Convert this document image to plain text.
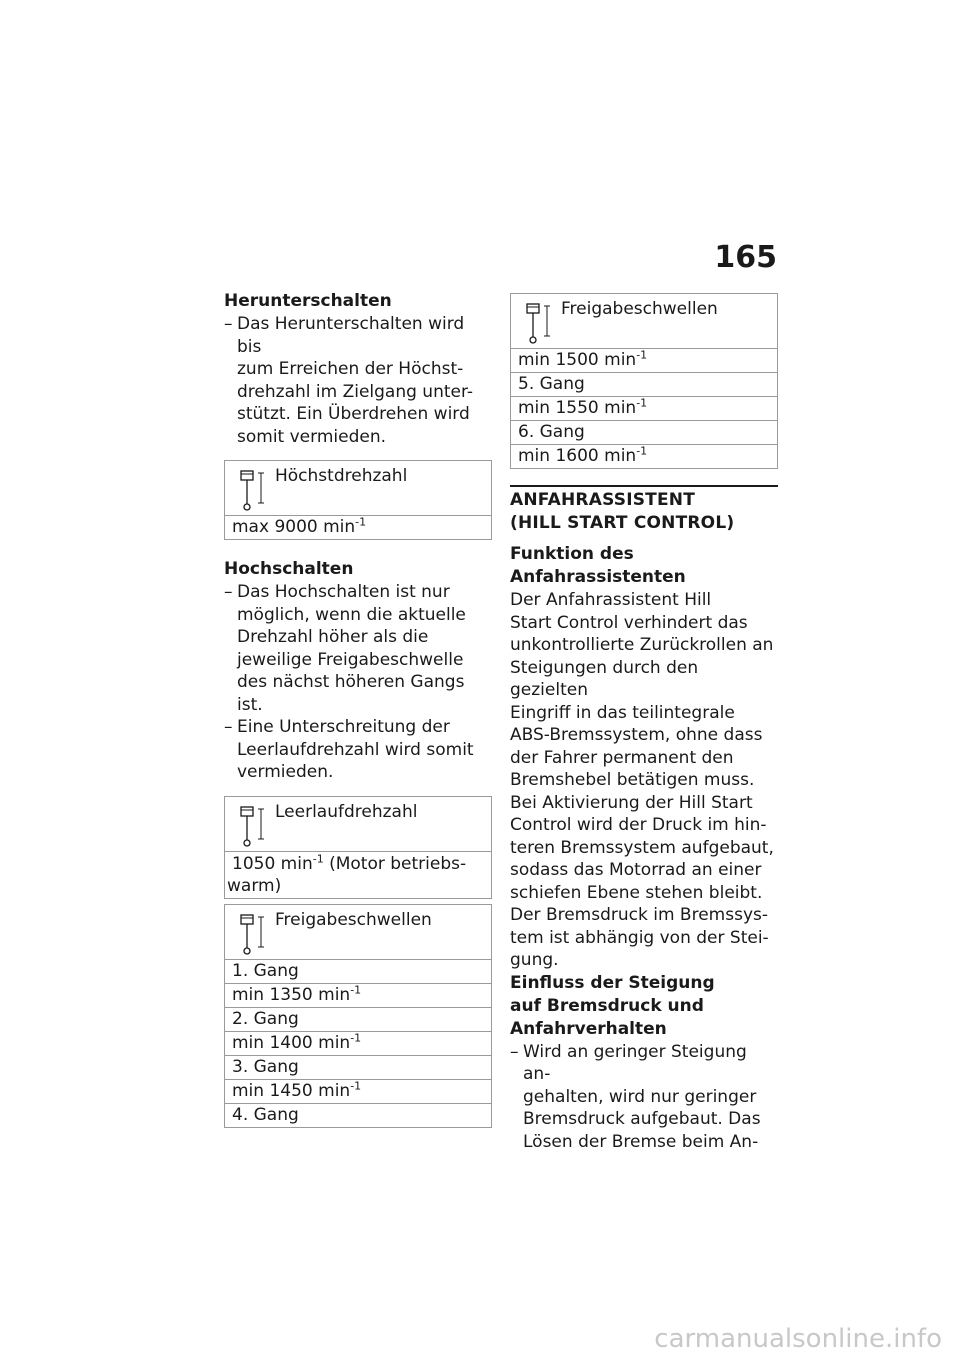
165
Herunterschalten
– Das Herunterschalten wird bis
zum Erreichen der Höchst-
drehzahl im Zielgang unter-
stützt. Ein Überdrehen wird
somit vermieden.
Höchstdrehzahl

max 9000 $\min^{-1}$
Hochschalten
– Das Hochschalten ist nur
möglich, wenn die aktuelle
Drehzahl höher als die
jeweilige Freigabeschwelle
des nächst höheren Gangs ist.
– Eine Unterschreitung der
Leerlaufdrehzahl wird somit
vermieden.
Leerlaufdrehzahl

1050 $\min^{-1}$ (Motor betriebs-
warm)
Freigabeschwellen

1. Gang
min 1350 $\min^{-1}$
2. Gang
min 1400 $\min^{-1}$
3. Gang
min 1450 $\min^{-1}$
4. Gang
Freigabeschwellen

min 1500 $\min^{-1}$
5. Gang
min 1550 $\min^{-1}$
6. Gang
min 1600 $\min^{-1}$
ANFAHRASSISTENT
(HILL START CONTROL)
Funktion des
Anfahrassistenten
Der Anfahrassistent Hill
Start Control verhindert das
unkontrollierte Zurückrollen an
Steigungen durch den gezielten
Eingriff in das teilintegrale
ABS-Bremssystem, ohne dass
der Fahrer permanent den
Bremshebel betätigen muss.
Bei Aktivierung der Hill Start
Control wird der Druck im hin-
teren Bremssystem aufgebaut,
sodass das Motorrad an einer
schiefen Ebene stehen bleibt.
Der Bremsdruck im Bremssys-
tem ist abhängig von der Stei-
gung.
Einfluss der Steigung
auf Bremsdruck und
Anfahrverhalten
– Wird an geringer Steigung an-
gehalten, wird nur geringer
Bremsdruck aufgebaut. Das
Lösen der Bremse beim An-
carmanualsonline.info
